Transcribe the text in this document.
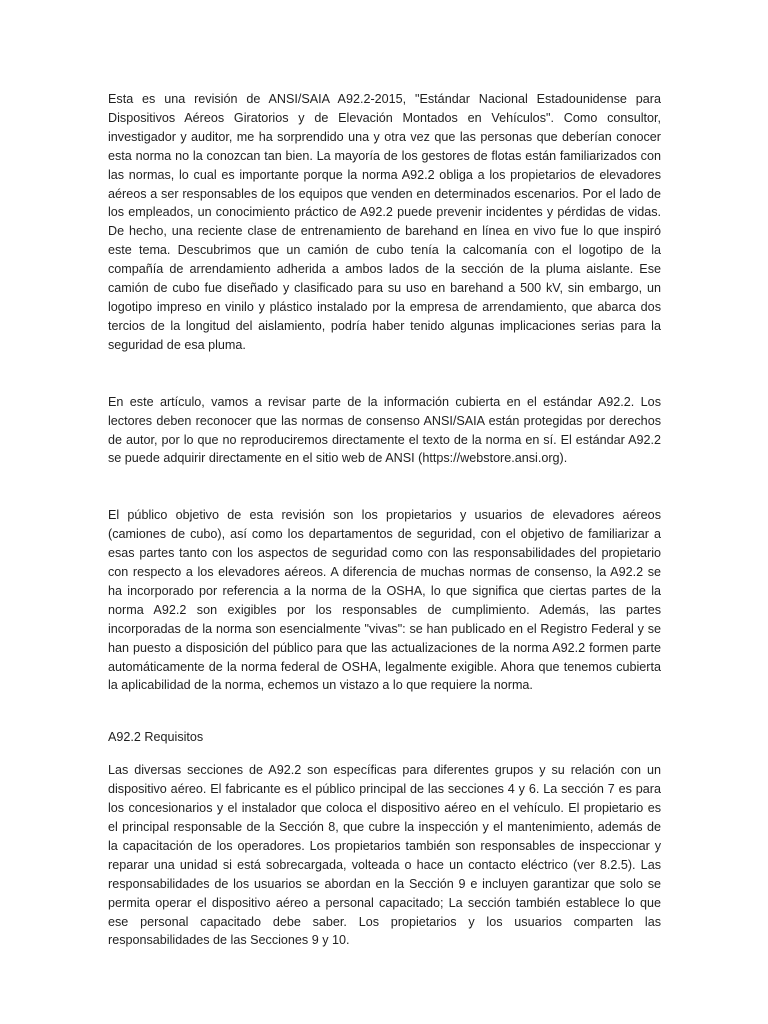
Esta es una revisión de ANSI/SAIA A92.2-2015, "Estándar Nacional Estadounidense para Dispositivos Aéreos Giratorios y de Elevación Montados en Vehículos". Como consultor, investigador y auditor, me ha sorprendido una y otra vez que las personas que deberían conocer esta norma no la conozcan tan bien. La mayoría de los gestores de flotas están familiarizados con las normas, lo cual es importante porque la norma A92.2 obliga a los propietarios de elevadores aéreos a ser responsables de los equipos que venden en determinados escenarios. Por el lado de los empleados, un conocimiento práctico de A92.2 puede prevenir incidentes y pérdidas de vidas. De hecho, una reciente clase de entrenamiento de barehand en línea en vivo fue lo que inspiró este tema. Descubrimos que un camión de cubo tenía la calcomanía con el logotipo de la compañía de arrendamiento adherida a ambos lados de la sección de la pluma aislante. Ese camión de cubo fue diseñado y clasificado para su uso en barehand a 500 kV, sin embargo, un logotipo impreso en vinilo y plástico instalado por la empresa de arrendamiento, que abarca dos tercios de la longitud del aislamiento, podría haber tenido algunas implicaciones serias para la seguridad de esa pluma.

En este artículo, vamos a revisar parte de la información cubierta en el estándar A92.2. Los lectores deben reconocer que las normas de consenso ANSI/SAIA están protegidas por derechos de autor, por lo que no reproduciremos directamente el texto de la norma en sí. El estándar A92.2 se puede adquirir directamente en el sitio web de ANSI (https://webstore.ansi.org).

El público objetivo de esta revisión son los propietarios y usuarios de elevadores aéreos (camiones de cubo), así como los departamentos de seguridad, con el objetivo de familiarizar a esas partes tanto con los aspectos de seguridad como con las responsabilidades del propietario con respecto a los elevadores aéreos. A diferencia de muchas normas de consenso, la A92.2 se ha incorporado por referencia a la norma de la OSHA, lo que significa que ciertas partes de la norma A92.2 son exigibles por los responsables de cumplimiento. Además, las partes incorporadas de la norma son esencialmente "vivas": se han publicado en el Registro Federal y se han puesto a disposición del público para que las actualizaciones de la norma A92.2 formen parte automáticamente de la norma federal de OSHA, legalmente exigible. Ahora que tenemos cubierta la aplicabilidad de la norma, echemos un vistazo a lo que requiere la norma.

A92.2 Requisitos

Las diversas secciones de A92.2 son específicas para diferentes grupos y su relación con un dispositivo aéreo. El fabricante es el público principal de las secciones 4 y 6. La sección 7 es para los concesionarios y el instalador que coloca el dispositivo aéreo en el vehículo. El propietario es el principal responsable de la Sección 8, que cubre la inspección y el mantenimiento, además de la capacitación de los operadores. Los propietarios también son responsables de inspeccionar y reparar una unidad si está sobrecargada, volteada o hace un contacto eléctrico (ver 8.2.5). Las responsabilidades de los usuarios se abordan en la Sección 9 e incluyen garantizar que solo se permita operar el dispositivo aéreo a personal capacitado; La sección también establece lo que ese personal capacitado debe saber. Los propietarios y los usuarios comparten las responsabilidades de las Secciones 9 y 10.
